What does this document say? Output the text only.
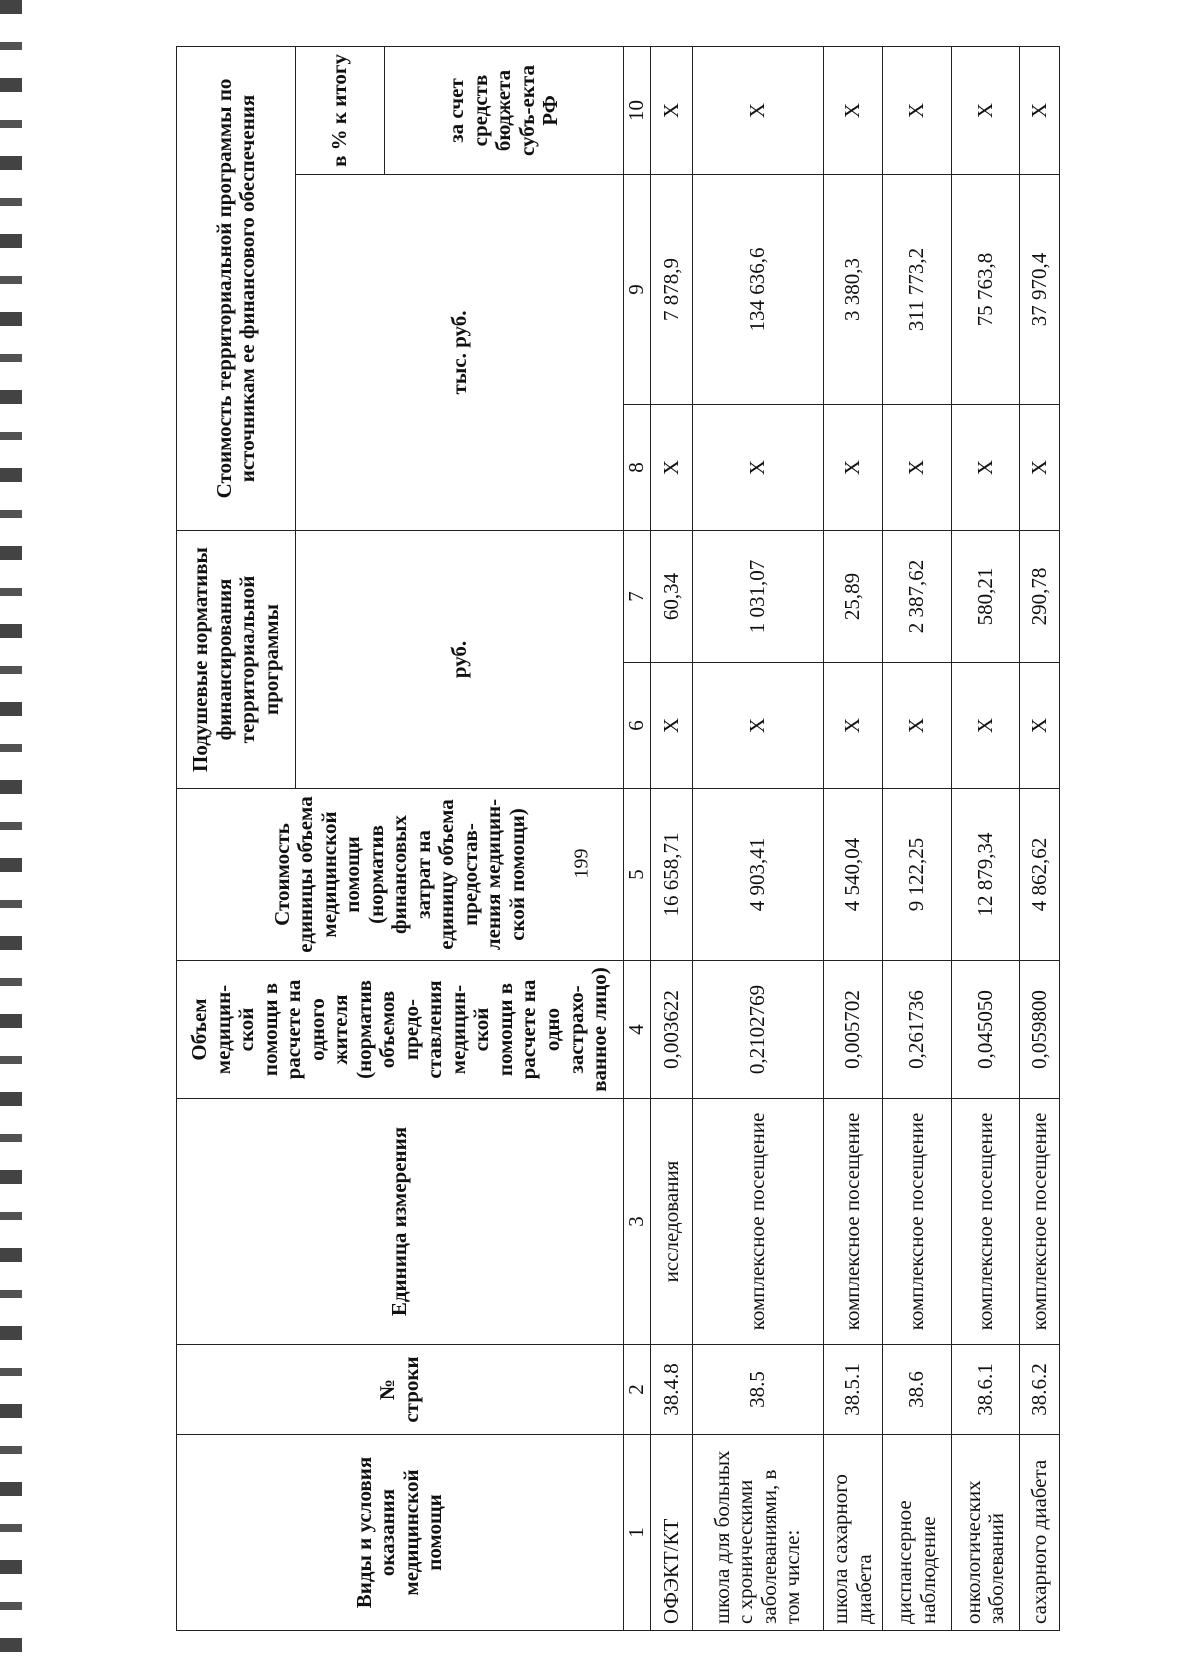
199
Виды и условия оказания медицинской помощи	№ строки	Единица измерения	Объем медицин-ской помощи в расчете на одного жителя (норматив объемов предо-ставления медицин-ской помощи в расчете на одно застрахо-ванное лицо)	Стоимость единицы объема медицинской помощи (норматив финансовых затрат на единицу объема предостав-ления медицин-ской помощи)	Подушевые нормативы финансирования территориальной программы		Стоимость территориальной программы по источникам ее финансового обеспечения			
					руб.		тыс. руб.		в % к итогу	
									за счет средств бюджета субъ-екта РФ				
1	2	3	4	5	6	7	8	9	10	
ОФЭКТ/КТ	38.4.8	исследования	0,003622	16 658,71	X	60,34	X	7 878,9	X	
школа для больных с хроническими заболеваниями, в том числе:	38.5	комплексное посещение	0,2102769	4 903,41	X	1 031,07	X	134 636,6	X	
школа сахарного диабета	38.5.1	комплексное посещение	0,005702	4 540,04	X	25,89	X	3 380,3	X	
диспансерное наблюдение	38.6	комплексное посещение	0,261736	9 122,25	X	2 387,62	X	311 773,2	X	
онкологических заболеваний	38.6.1	комплексное посещение	0,045050	12 879,34	X	580,21	X	75 763,8	X	
сахарного диабета	38.6.2	комплексное посещение	0,059800	4 862,62	X	290,78	X	37 970,4	X	
